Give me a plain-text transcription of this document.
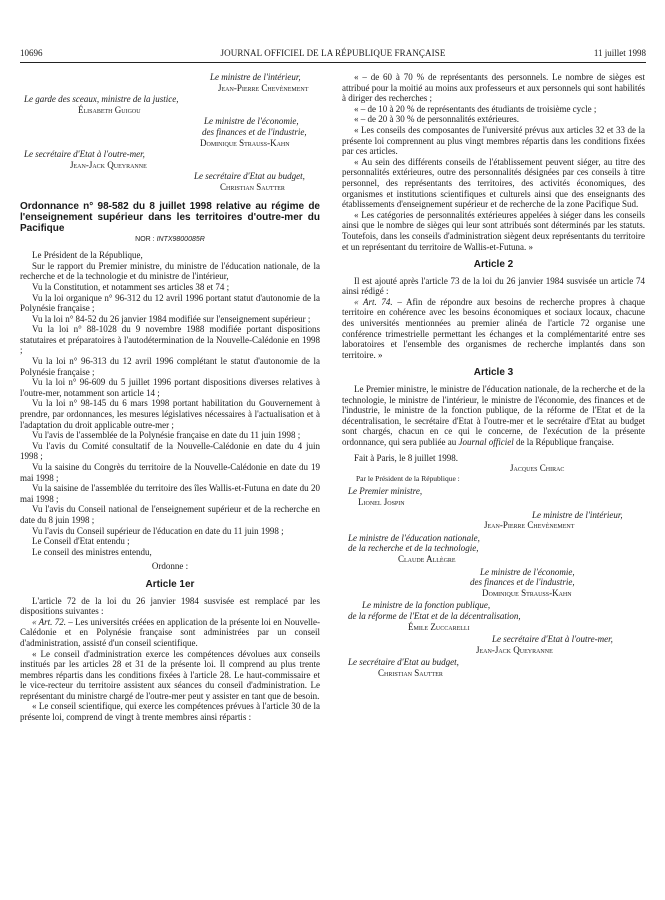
10696	JOURNAL OFFICIEL DE LA RÉPUBLIQUE FRANÇAISE	11 juillet 1998

Le ministre de l'intérieur,

Jean-Pierre Chevènement

Le garde des sceaux, ministre de la justice,

Élisabeth Guigou

Le ministre de l'économie,

des finances et de l'industrie,

Dominique Strauss-Kahn

Le secrétaire d'Etat à l'outre-mer,

Jean-Jack Queyranne

Le secrétaire d'Etat au budget,

Christian Sautter

Ordonnance n° 98-582 du 8 juillet 1998 relative au régime de l'enseignement supérieur dans les territoires d'outre-mer du Pacifique

NOR : INTX9800085R

Le Président de la République,

Sur le rapport du Premier ministre, du ministre de l'éducation nationale, de la recherche et de la technologie et du ministre de l'intérieur,

Vu la Constitution, et notamment ses articles 38 et 74 ;

Vu la loi organique n° 96-312 du 12 avril 1996 portant statut d'autonomie de la Polynésie française ;

Vu la loi n° 84-52 du 26 janvier 1984 modifiée sur l'enseignement supérieur ;

Vu la loi n° 88-1028 du 9 novembre 1988 modifiée portant dispositions statutaires et préparatoires à l'autodétermination de la Nouvelle-Calédonie en 1998 ;

Vu la loi n° 96-313 du 12 avril 1996 complétant le statut d'autonomie de la Polynésie française ;

Vu la loi n° 96-609 du 5 juillet 1996 portant dispositions diverses relatives à l'outre-mer, notamment son article 14 ;

Vu la loi n° 98-145 du 6 mars 1998 portant habilitation du Gouvernement à prendre, par ordonnances, les mesures législatives nécessaires à l'actualisation et à l'adaptation du droit applicable outre-mer ;

Vu l'avis de l'assemblée de la Polynésie française en date du 11 juin 1998 ;

Vu l'avis du Comité consultatif de la Nouvelle-Calédonie en date du 4 juin 1998 ;

Vu la saisine du Congrès du territoire de la Nouvelle-Calédonie en date du 19 mai 1998 ;

Vu la saisine de l'assemblée du territoire des îles Wallis-et-Futuna en date du 20 mai 1998 ;

Vu l'avis du Conseil national de l'enseignement supérieur et de la recherche en date du 8 juin 1998 ;

Vu l'avis du Conseil supérieur de l'éducation en date du 11 juin 1998 ;

Le Conseil d'Etat entendu ;

Le conseil des ministres entendu,

Ordonne :

Article 1er

L'article 72 de la loi du 26 janvier 1984 susvisée est remplacé par les dispositions suivantes :

« Art. 72. – Les universités créées en application de la présente loi en Nouvelle-Calédonie et en Polynésie française sont administrées par un conseil d'administration, assisté d'un conseil scientifique.

« Le conseil d'administration exerce les compétences dévolues aux conseils institués par les articles 28 et 31 de la présente loi. Il comprend au plus trente membres répartis dans les conditions fixées à l'article 28. Le haut-commissaire et le vice-recteur du territoire assistent aux séances du conseil d'administration. Le représentant du ministre chargé de l'outre-mer peut y assister en tant que de besoin.

« Le conseil scientifique, qui exerce les compétences prévues à l'article 30 de la présente loi, comprend de vingt à trente membres ainsi répartis :

« – de 60 à 70 % de représentants des personnels. Le nombre de sièges est attribué pour la moitié au moins aux professeurs et aux personnels qui sont habilités à diriger des recherches ;

« – de 10 à 20 % de représentants des étudiants de troisième cycle ;

« – de 20 à 30 % de personnalités extérieures.

« Les conseils des composantes de l'université prévus aux articles 32 et 33 de la présente loi comprennent au plus vingt membres répartis dans les conditions fixées par ces articles.

« Au sein des différents conseils de l'établissement peuvent siéger, au titre des personnalités extérieures, outre des personnalités désignées par ces conseils à titre personnel, des représentants des territoires, des activités économiques, des organismes et institutions scientifiques et culturels ainsi que des enseignants des établissements d'enseignement supérieur et de recherche de la zone Pacifique Sud.

« Les catégories de personnalités extérieures appelées à siéger dans les conseils ainsi que le nombre de sièges qui leur sont attribués sont déterminés par les statuts. Toutefois, dans les conseils d'administration siègent deux représentants du territoire et un représentant du territoire de Wallis-et-Futuna. »

Article 2

Il est ajouté après l'article 73 de la loi du 26 janvier 1984 susvisée un article 74 ainsi rédigé :

« Art. 74. – Afin de répondre aux besoins de recherche propres à chaque territoire en cohérence avec les besoins économiques et sociaux locaux, chacune des universités mentionnées au premier alinéa de l'article 72 organise une conférence trimestrielle permettant les échanges et la complémentarité entre ses laboratoires et l'ensemble des organismes de recherche implantés dans son territoire. »

Article 3

Le Premier ministre, le ministre de l'éducation nationale, de la recherche et de la technologie, le ministre de l'intérieur, le ministre de l'économie, des finances et de l'industrie, le ministre de la fonction publique, de la réforme de l'Etat et de la décentralisation, le secrétaire d'Etat à l'outre-mer et le secrétaire d'Etat au budget sont chargés, chacun en ce qui le concerne, de l'exécution de la présente ordonnance, qui sera publiée au Journal officiel de la République française.

Fait à Paris, le 8 juillet 1998.

Jacques Chirac

Par le Président de la République :

Le Premier ministre,

Lionel Jospin

Le ministre de l'intérieur,

Jean-Pierre Chevènement

Le ministre de l'éducation nationale,

de la recherche et de la technologie,

Claude Allègre

Le ministre de l'économie,

des finances et de l'industrie,

Dominique Strauss-Kahn

Le ministre de la fonction publique,

de la réforme de l'Etat et de la décentralisation,

Émile Zuccarelli

Le secrétaire d'Etat à l'outre-mer,

Jean-Jack Queyranne

Le secrétaire d'Etat au budget,

Christian Sautter
